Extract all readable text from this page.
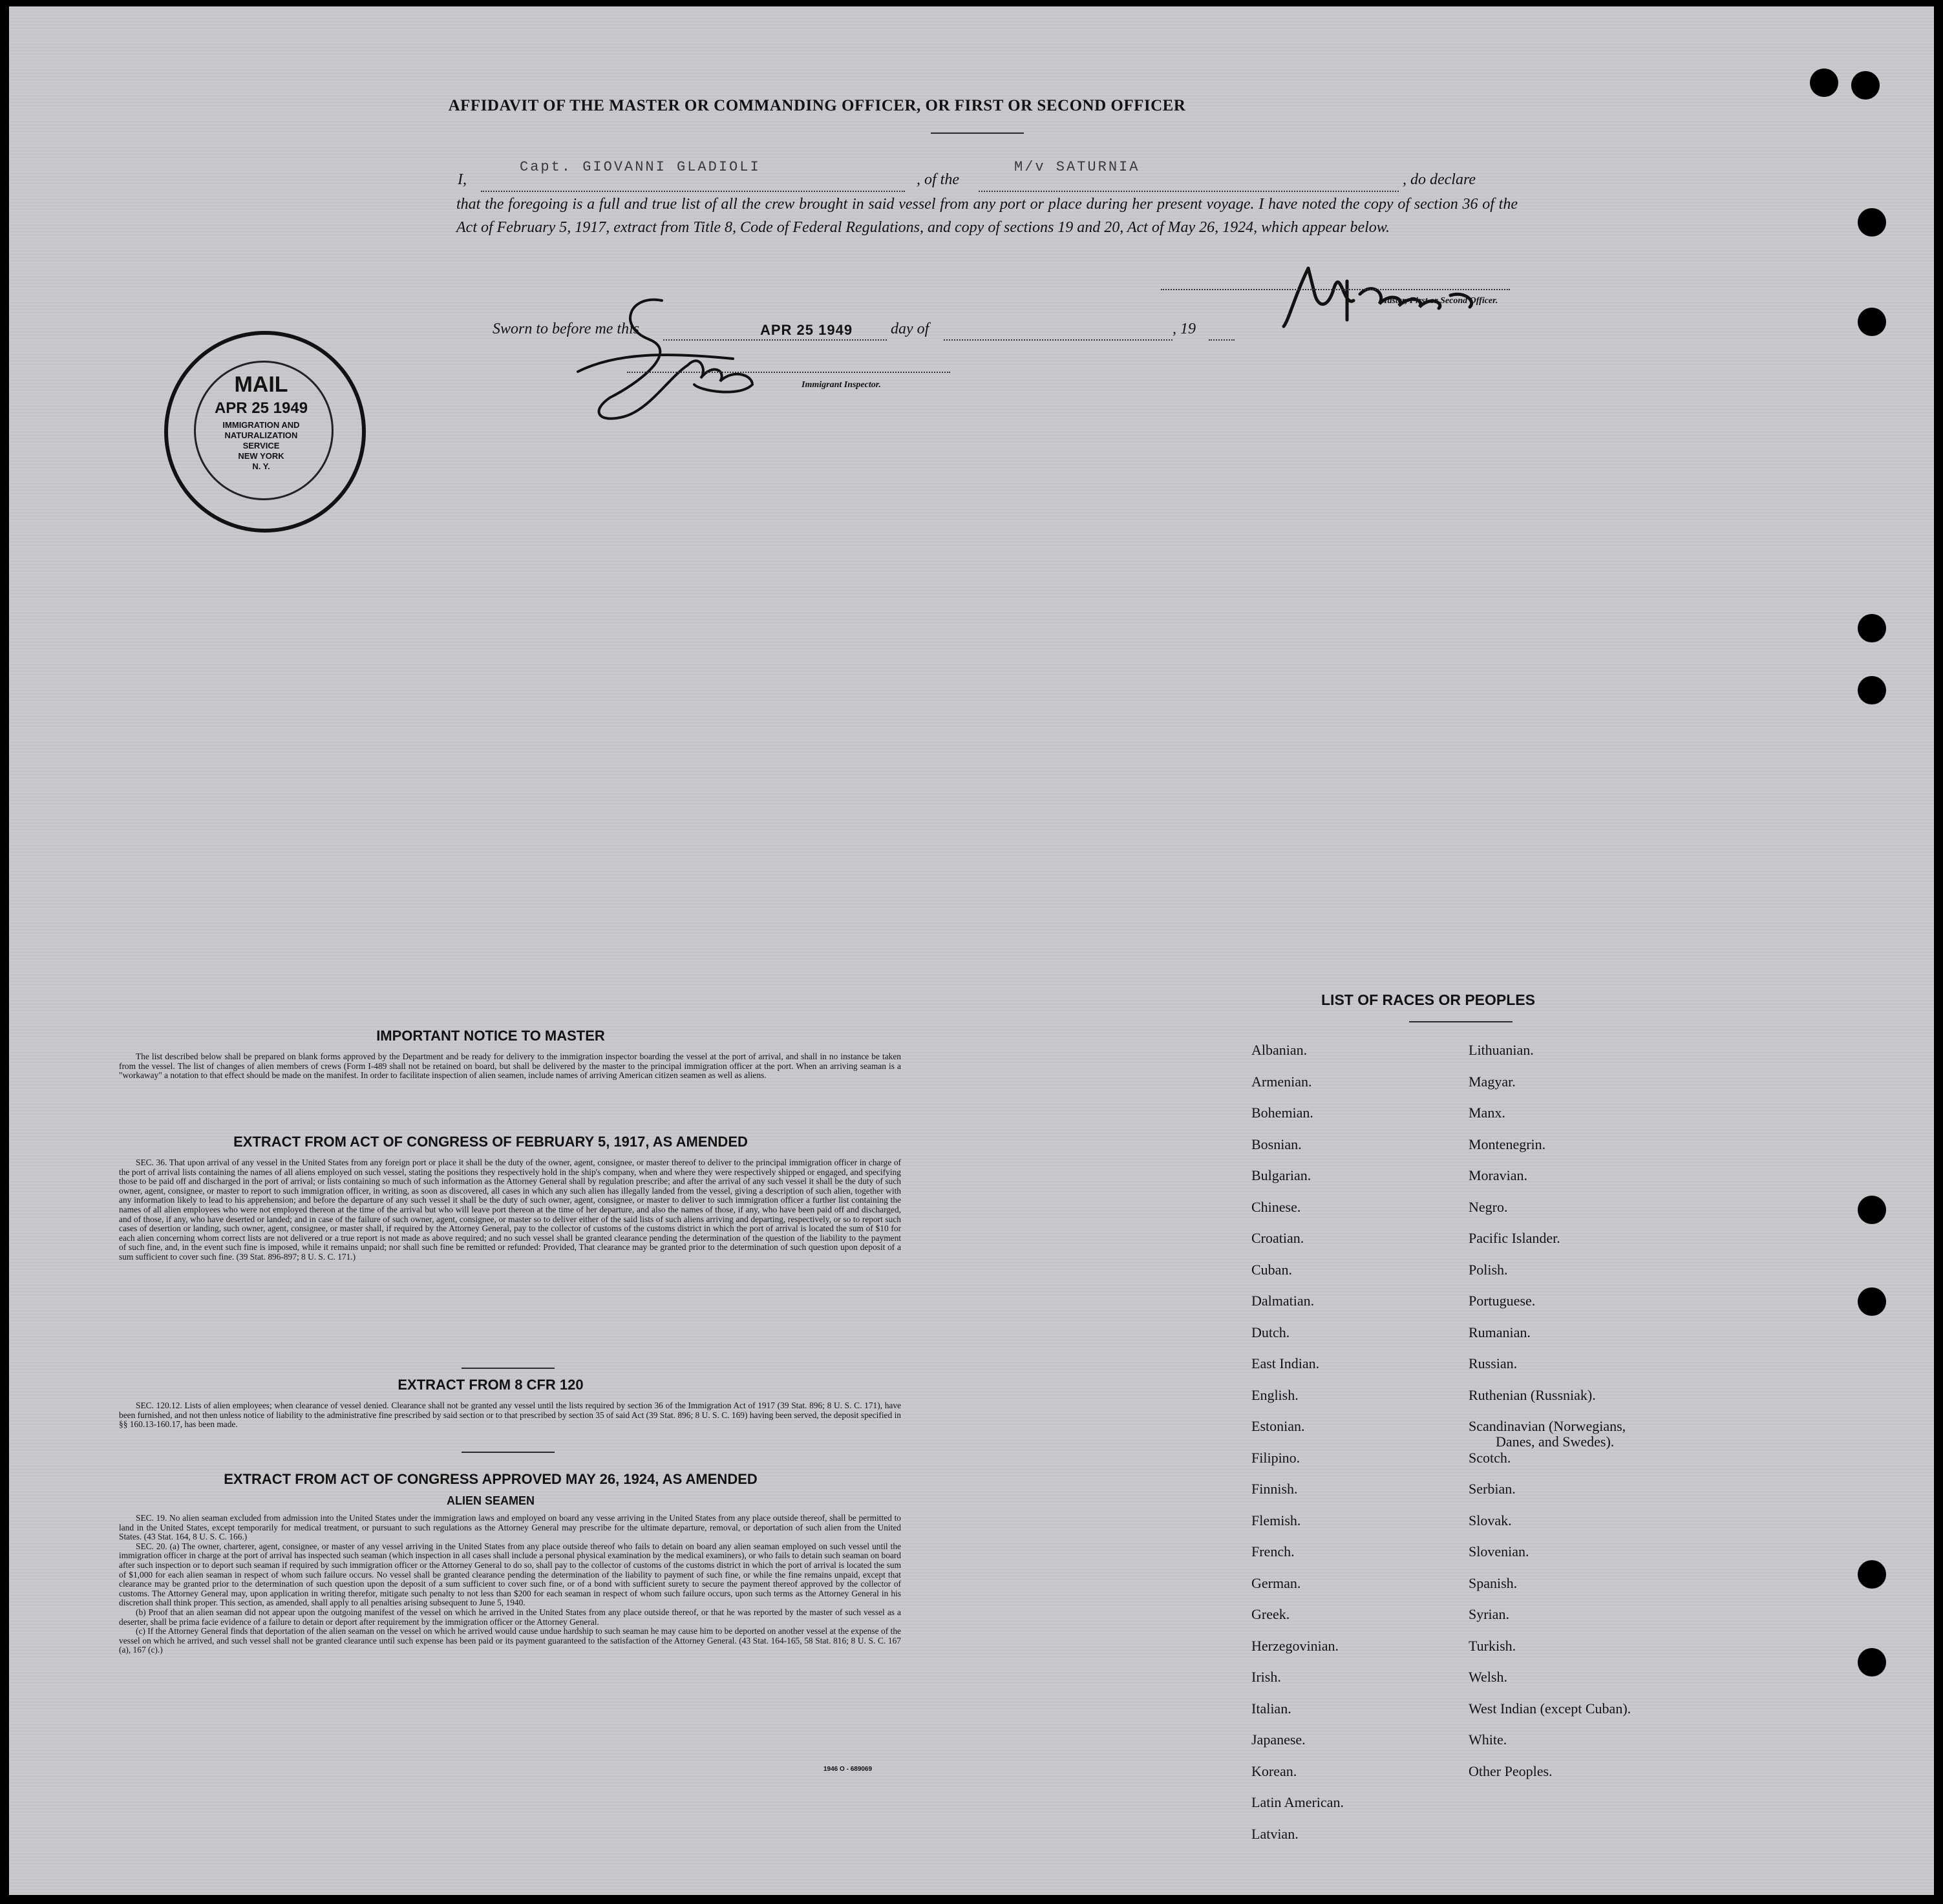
AFFIDAVIT OF THE MASTER OR COMMANDING OFFICER, OR FIRST OR SECOND OFFICER
I,
Capt. GIOVANNI GLADIOLI
, of the
M/v SATURNIA
, do declare
that the foregoing is a full and true list of all the crew brought in said vessel from any port or place during her present voyage. I have noted the copy of section 36 of the Act of February 5, 1917, extract from Title 8, Code of Federal Regulations, and copy of sections 19 and 20, Act of May 26, 1924, which appear below.
Master, First or Second Officer.
Sworn to before me this	APR 25 1949 day of	, 19
Immigrant Inspector.
MAIL
APR 25 1949
IMMIGRATION AND
NATURALIZATION
SERVICE
NEW YORK
N. Y.
IMPORTANT NOTICE TO MASTER

The list described below shall be prepared on blank forms approved by the Department and be ready for delivery to the immigration inspector boarding the vessel at the port of arrival, and shall in no instance be taken from the vessel. The list of changes of alien members of crews (Form I-489 shall not be retained on board, but shall be delivered by the master to the principal immigration officer at the port. When an arriving seaman is a "workaway" a notation to that effect should be made on the manifest. In order to facilitate inspection of alien seamen, include names of arriving American citizen seamen as well as aliens.

EXTRACT FROM ACT OF CONGRESS OF FEBRUARY 5, 1917, AS AMENDED

SEC. 36. That upon arrival of any vessel in the United States from any foreign port or place it shall be the duty of the owner, agent, consignee, or master thereof to deliver to the principal immigration officer in charge of the port of arrival lists containing the names of all aliens employed on such vessel, stating the positions they respectively hold in the ship's company, when and where they were respectively shipped or engaged, and specifying those to be paid off and discharged in the port of arrival; or lists containing so much of such information as the Attorney General shall by regulation prescribe; and after the arrival of any such vessel it shall be the duty of such owner, agent, consignee, or master to report to such immigration officer, in writing, as soon as discovered, all cases in which any such alien has illegally landed from the vessel, giving a description of such alien, together with any information likely to lead to his apprehension; and before the departure of any such vessel it shall be the duty of such owner, agent, consignee, or master to deliver to such immigration officer a further list containing the names of all alien employees who were not employed thereon at the time of the arrival but who will leave port thereon at the time of her departure, and also the names of those, if any, who have been paid off and discharged, and of those, if any, who have deserted or landed; and in case of the failure of such owner, agent, consignee, or master so to deliver either of the said lists of such aliens arriving and departing, respectively, or so to report such cases of desertion or landing, such owner, agent, consignee, or master shall, if required by the Attorney General, pay to the collector of customs of the customs district in which the port of arrival is located the sum of $10 for each alien concerning whom correct lists are not delivered or a true report is not made as above required; and no such vessel shall be granted clearance pending the determination of the question of the liability to the payment of such fine, and, in the event such fine is imposed, while it remains unpaid; nor shall such fine be remitted or refunded: Provided, That clearance may be granted prior to the determination of such question upon deposit of a sum sufficient to cover such fine. (39 Stat. 896-897; 8 U. S. C. 171.)

EXTRACT FROM 8 CFR 120

SEC. 120.12. Lists of alien employees; when clearance of vessel denied. Clearance shall not be granted any vessel until the lists required by section 36 of the Immigration Act of 1917 (39 Stat. 896; 8 U. S. C. 171), have been furnished, and not then unless notice of liability to the administrative fine prescribed by said section or to that prescribed by section 35 of said Act (39 Stat. 896; 8 U. S. C. 169) having been served, the deposit specified in §§ 160.13-160.17, has been made.

EXTRACT FROM ACT OF CONGRESS APPROVED MAY 26, 1924, AS AMENDED
ALIEN SEAMEN

SEC. 19. No alien seaman excluded from admission into the United States under the immigration laws and employed on board any vesse arriving in the United States from any place outside thereof, shall be permitted to land in the United States, except temporarily for medical treatment, or pursuant to such regulations as the Attorney General may prescribe for the ultimate departure, removal, or deportation of such alien from the United States. (43 Stat. 164, 8 U. S. C. 166.)

SEC. 20. (a) The owner, charterer, agent, consignee, or master of any vessel arriving in the United States from any place outside thereof who fails to detain on board any alien seaman employed on such vessel until the immigration officer in charge at the port of arrival has inspected such seaman (which inspection in all cases shall include a personal physical examination by the medical examiners), or who fails to detain such seaman on board after such inspection or to deport such seaman if required by such immigration officer or the Attorney General to do so, shall pay to the collector of customs of the customs district in which the port of arrival is located the sum of $1,000 for each alien seaman in respect of whom such failure occurs. No vessel shall be granted clearance pending the determination of the liability to payment of such fine, or while the fine remains unpaid, except that clearance may be granted prior to the determination of such question upon the deposit of a sum sufficient to cover such fine, or of a bond with sufficient surety to secure the payment thereof approved by the collector of customs. The Attorney General may, upon application in writing therefor, mitigate such penalty to not less than $200 for each seaman in respect of whom such failure occurs, upon such terms as the Attorney General in his discretion shall think proper. This section, as amended, shall apply to all penalties arising subsequent to June 5, 1940.

(b) Proof that an alien seaman did not appear upon the outgoing manifest of the vessel on which he arrived in the United States from any place outside thereof, or that he was reported by the master of such vessel as a deserter, shall be prima facie evidence of a failure to detain or deport after requirement by the immigration officer or the Attorney General.

(c) If the Attorney General finds that deportation of the alien seaman on the vessel on which he arrived would cause undue hardship to such seaman he may cause him to be deported on another vessel at the expense of the vessel on which he arrived, and such vessel shall not be granted clearance until such expense has been paid or its payment guaranteed to the satisfaction of the Attorney General. (43 Stat. 164-165, 58 Stat. 816; 8 U. S. C. 167 (a), 167 (c).)

1946 O - 689069
LIST OF RACES OR PEOPLES
Albanian.
Armenian.
Bohemian.
Bosnian.
Bulgarian.
Chinese.
Croatian.
Cuban.
Dalmatian.
Dutch.
East Indian.
English.
Estonian.
Filipino.
Finnish.
Flemish.
French.
German.
Greek.
Herzegovinian.
Irish.
Italian.
Japanese.
Korean.
Latin American.
Latvian.
Lithuanian.
Magyar.
Manx.
Montenegrin.
Moravian.
Negro.
Pacific Islander.
Polish.
Portuguese.
Rumanian.
Russian.
Ruthenian (Russniak).
Scandinavian (Norwegians,
Danes, and Swedes).
Scotch.
Serbian.
Slovak.
Slovenian.
Spanish.
Syrian.
Turkish.
Welsh.
West Indian (except Cuban).
White.
Other Peoples.
